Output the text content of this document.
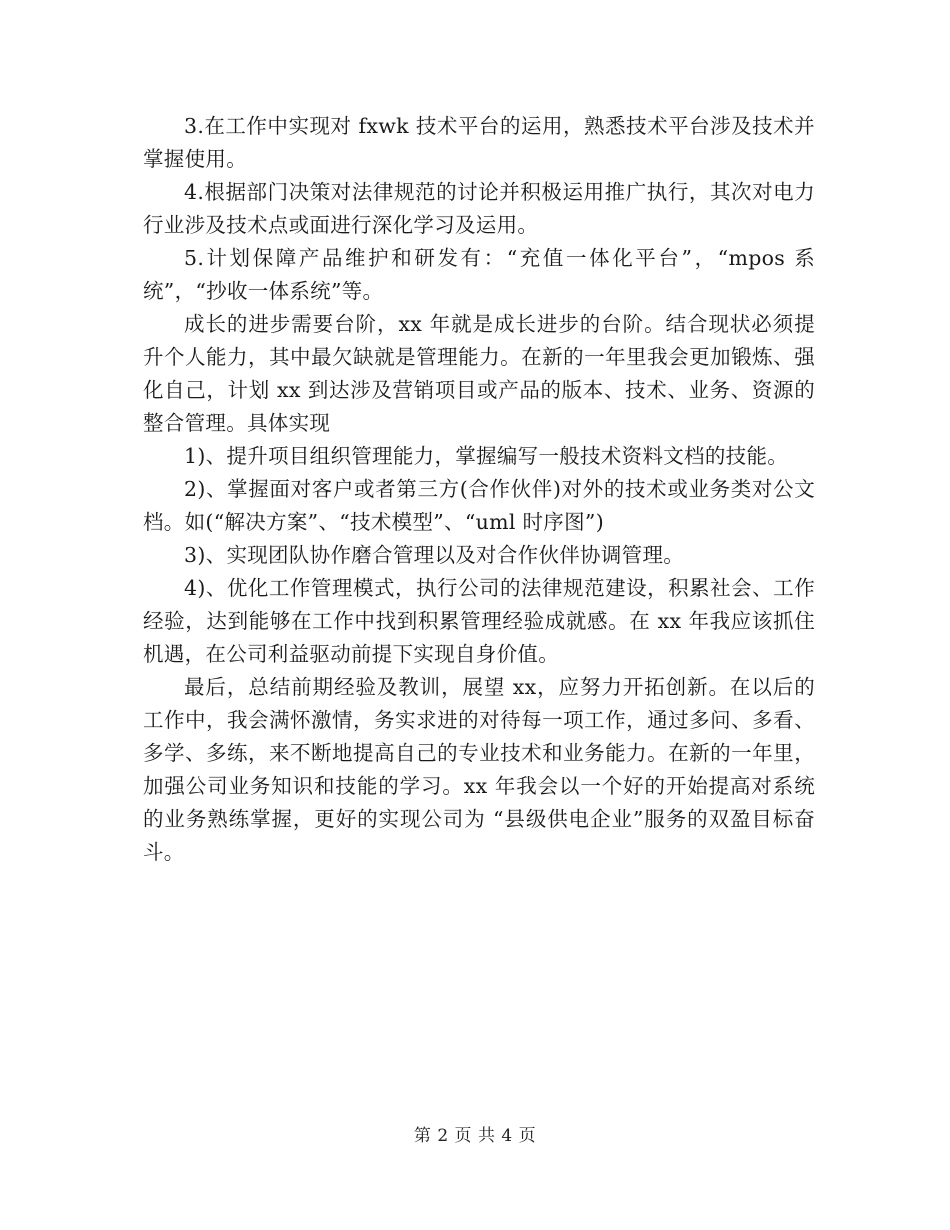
3.在工作中实现对 fxwk 技术平台的运用，熟悉技术平台涉及技术并掌握使用。

4.根据部门决策对法律规范的讨论并积极运用推广执行，其次对电力行业涉及技术点或面进行深化学习及运用。

5.计划保障产品维护和研发有：“充值一体化平台”，“mpos 系统”，“抄收一体系统”等。

成长的进步需要台阶，xx 年就是成长进步的台阶。结合现状必须提升个人能力，其中最欠缺就是管理能力。在新的一年里我会更加锻炼、强化自己，计划 xx 到达涉及营销项目或产品的版本、技术、业务、资源的整合管理。具体实现

1)、提升项目组织管理能力，掌握编写一般技术资料文档的技能。

2)、掌握面对客户或者第三方(合作伙伴)对外的技术或业务类对公文档。如(“解决方案”、“技术模型”、“uml 时序图”)

3)、实现团队协作磨合管理以及对合作伙伴协调管理。

4)、优化工作管理模式，执行公司的法律规范建设，积累社会、工作经验，达到能够在工作中找到积累管理经验成就感。在 xx 年我应该抓住机遇，在公司利益驱动前提下实现自身价值。

最后，总结前期经验及教训，展望 xx，应努力开拓创新。在以后的工作中，我会满怀激情，务实求进的对待每一项工作，通过多问、多看、多学、多练，来不断地提高自己的专业技术和业务能力。在新的一年里，加强公司业务知识和技能的学习。xx 年我会以一个好的开始提高对系统的业务熟练掌握，更好的实现公司为 “县级供电企业”服务的双盈目标奋斗。

第 2 页 共 4 页
